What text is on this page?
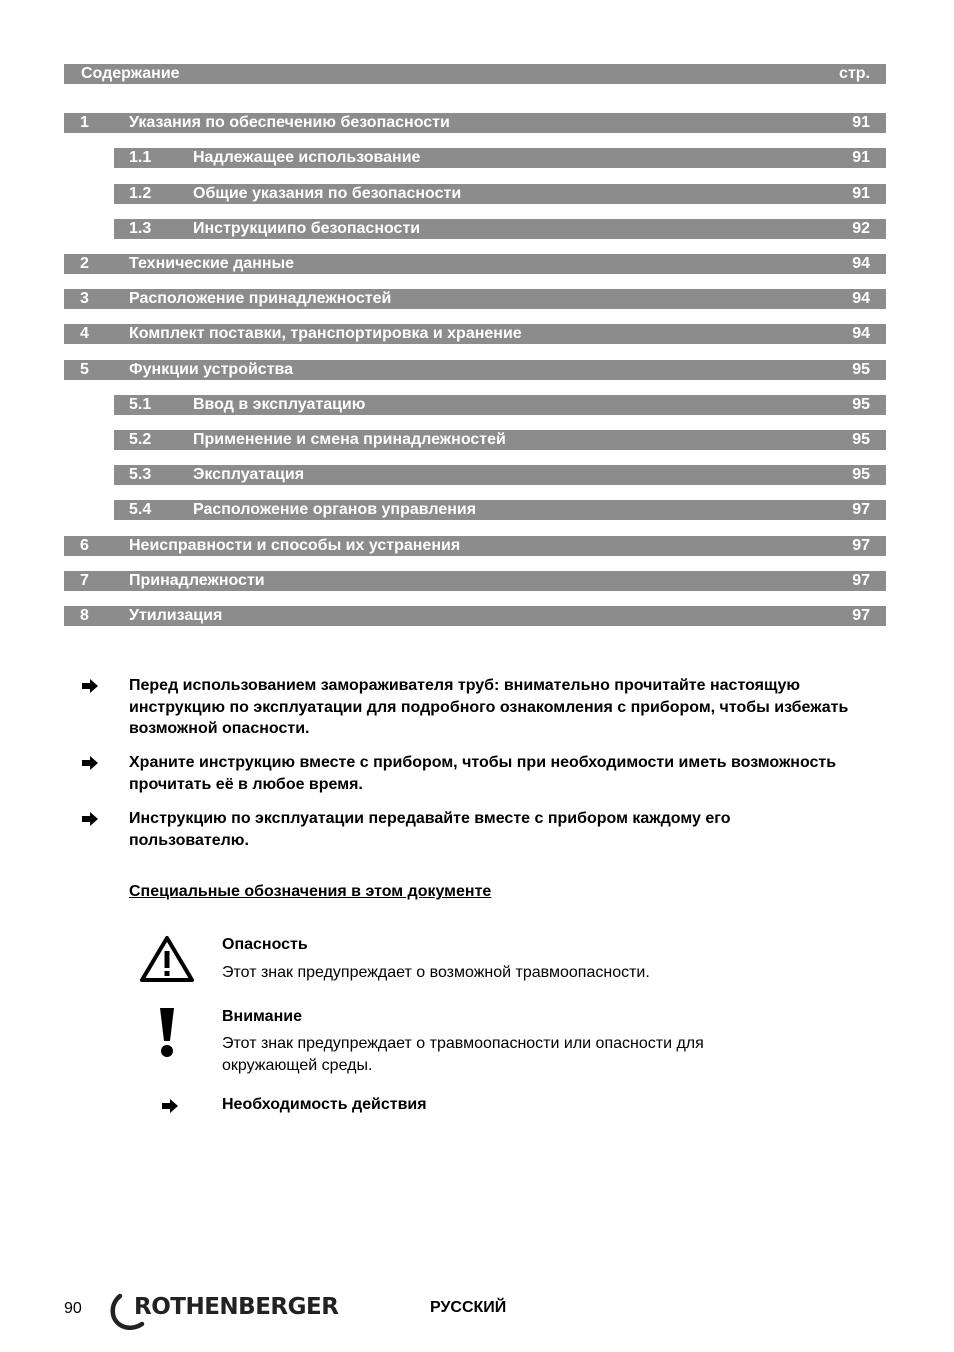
Содержание	стр.
1	Указания по обеспечению безопасности	91
1.1	Надлежащее использование	91
1.2	Общие указания по безопасности	91
1.3	Инструкциипо безопасности	92
2	Технические данные	94
3	Расположение принадлежностей	94
4	Комплект поставки, транспортировка и хранение	94
5	Функции устройства	95
5.1	Ввод в эксплуатацию	95
5.2	Применение и смена принадлежностей	95
5.3	Эксплуатация	95
5.4	Расположение органов управления	97
6	Неисправности и способы их устранения	97
7	Принадлежности	97
8	Утилизация	97
Перед использованием замораживателя труб: внимательно прочитайте настоящую инструкцию по эксплуатации для подробного ознакомления с прибором, чтобы избежать возможной опасности.
Храните инструкцию вместе с прибором, чтобы при необходимости иметь возможность прочитать её в любое время.
Инструкцию по эксплуатации передавайте вместе с прибором каждому его пользователю.
Специальные обозначения в этом документе
Опасность
Этот знак предупреждает о возможной травмоопасности.
Внимание
Этот знак предупреждает о травмоопасности или опасности для окружающей среды.
Необходимость действия
90 ROTHENBERGER	РУССКИЙ
